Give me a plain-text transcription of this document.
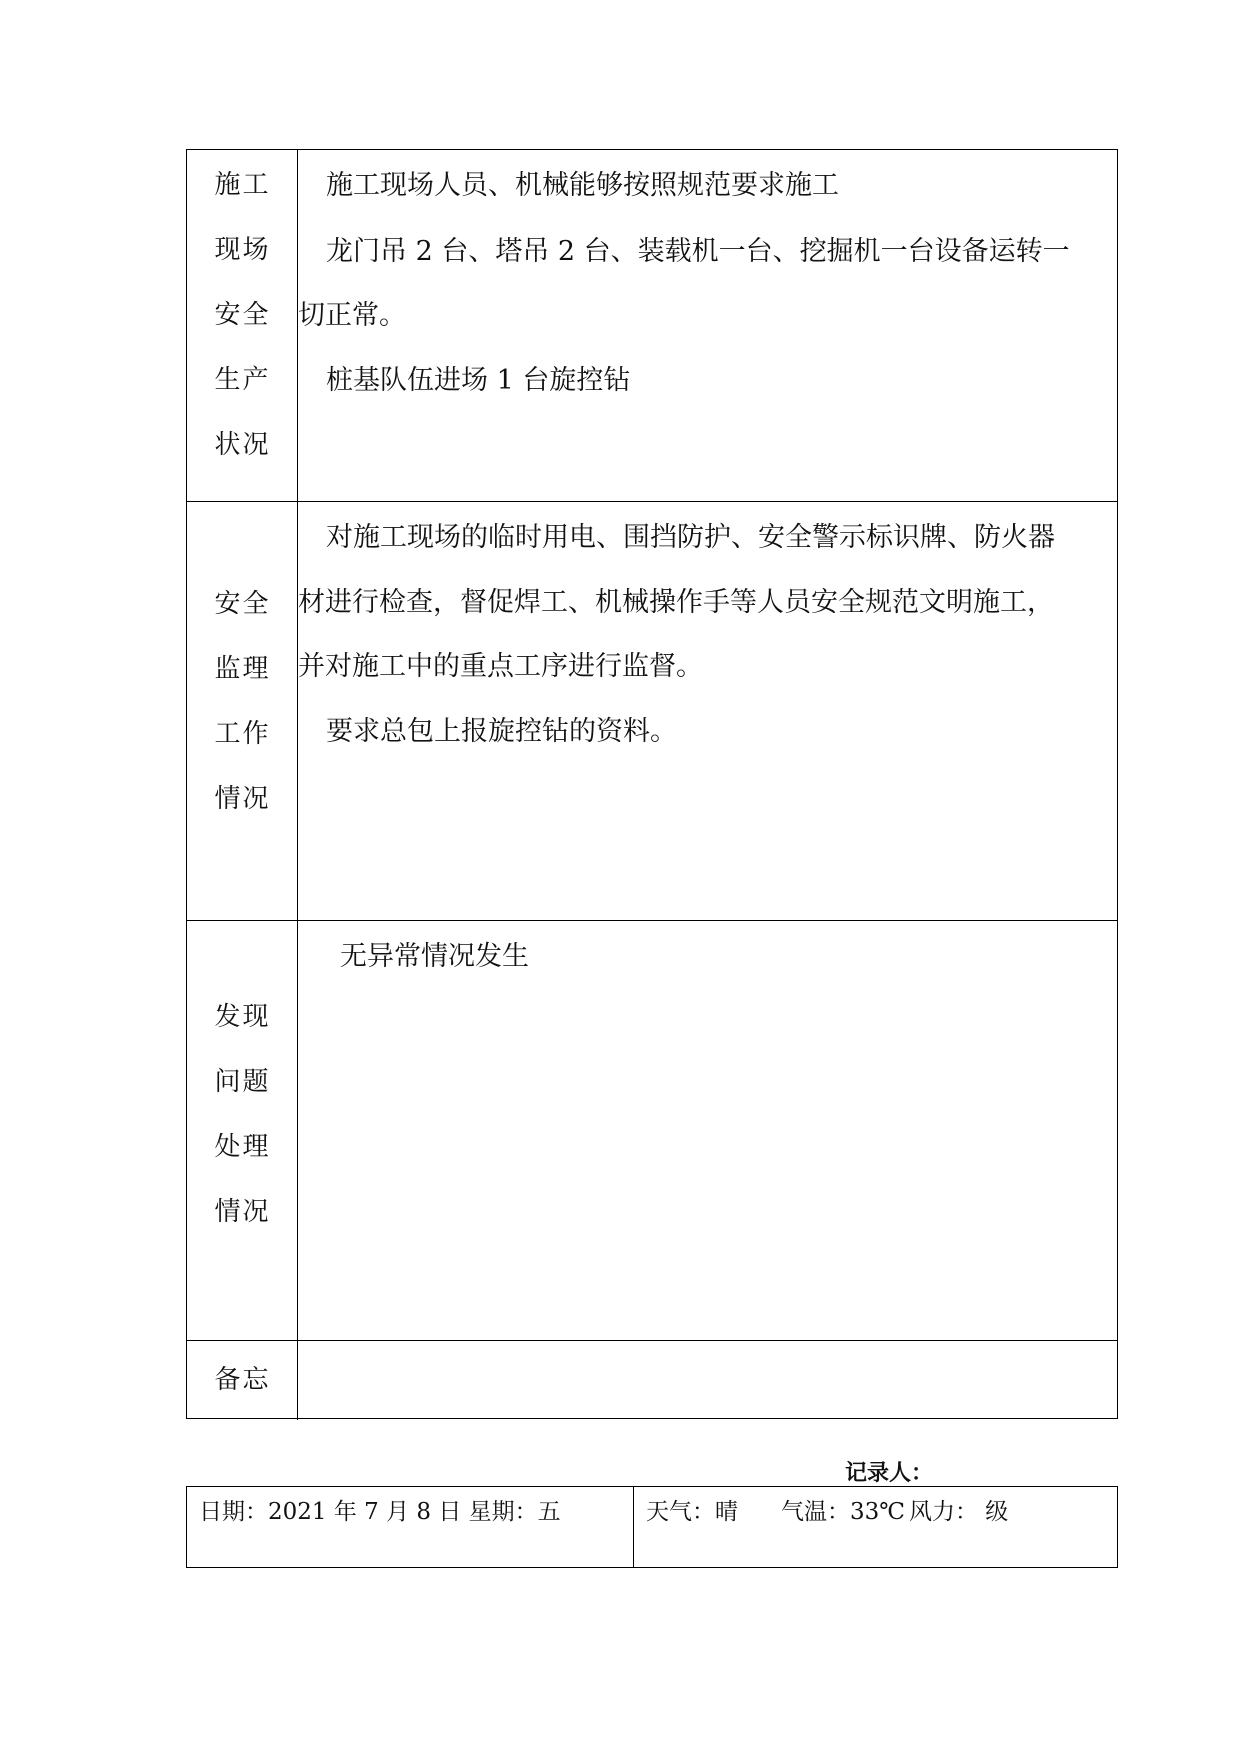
施工
现场
安全
生产
状况
施工现场人员、机械能够按照规范要求施工
龙门吊 2 台、塔吊 2 台、装载机一台、挖掘机一台设备运转一
切正常。
桩基队伍进场 1 台旋控钻
安全
监理
工作
情况
对施工现场的临时用电、围挡防护、安全警示标识牌、防火器
材进行检查，督促焊工、机械操作手等人员安全规范文明施工，
并对施工中的重点工序进行监督。
要求总包上报旋控钻的资料。
发现
问题
处理
情况
无异常情况发生
备忘
记录人：
日期：2021 年 7 月 8 日 星期：五	天气：晴 气温：33℃ 风力： 级
